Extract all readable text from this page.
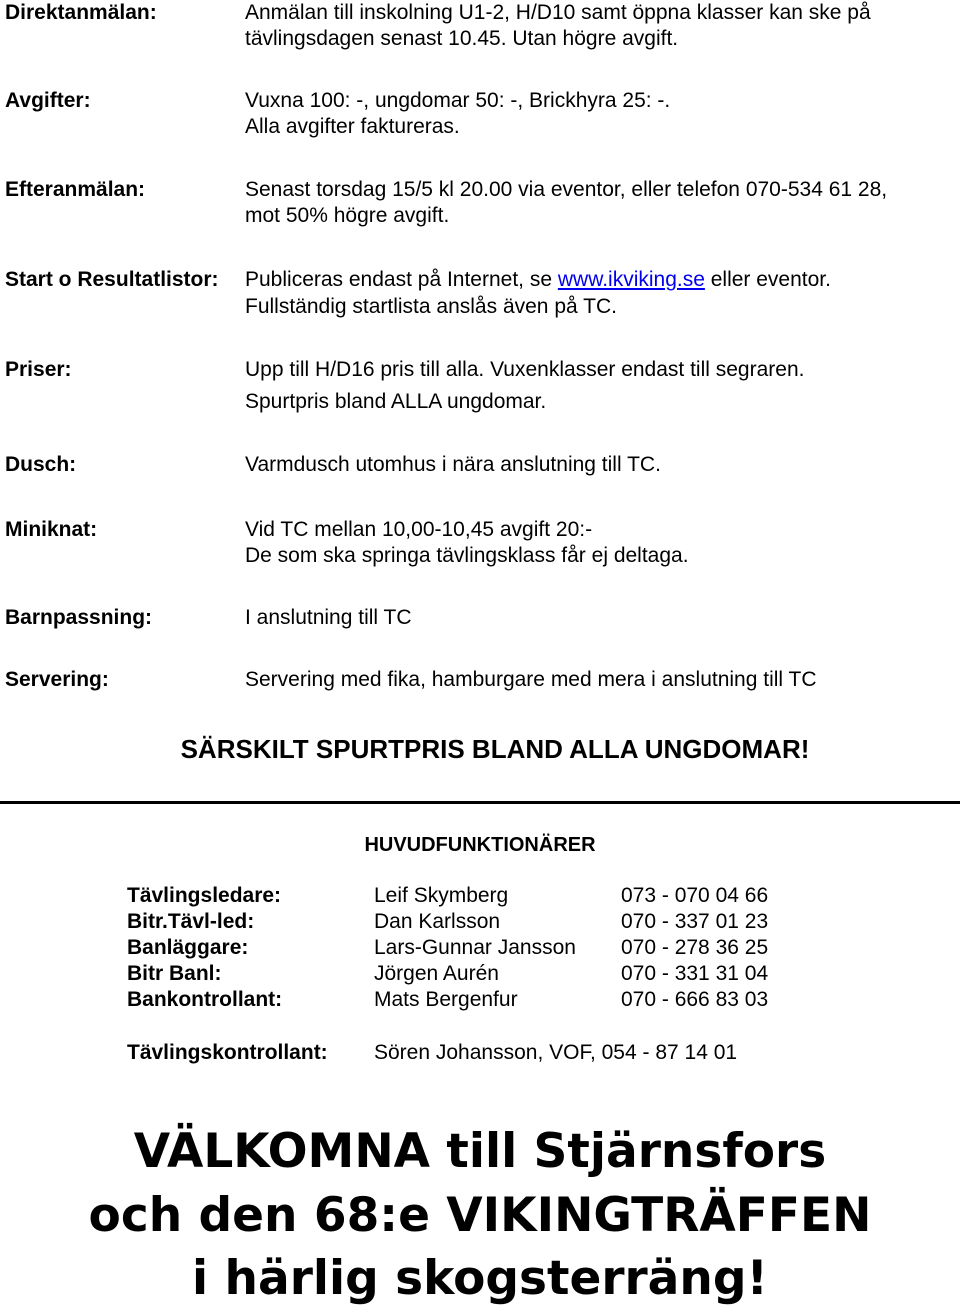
Direktanmälan:	Anmälan till inskolning U1-2, H/D10 samt öppna klasser kan ske på
tävlingsdagen senast 10.45. Utan högre avgift.
Avgifter:	Vuxna 100: -, ungdomar 50: -, Brickhyra 25: -.
Alla avgifter faktureras.
Efteranmälan:	Senast torsdag 15/5 kl 20.00 via eventor, eller telefon 070-534 61 28,
mot 50% högre avgift.
Start o Resultatlistor: Publiceras endast på Internet, se www.ikviking.se eller eventor.
Fullständig startlista anslås även på TC.
Priser:	Upp till H/D16 pris till alla. Vuxenklasser endast till segraren.
Spurtpris bland ALLA ungdomar.
Dusch:	Varmdusch utomhus i nära anslutning till TC.
Miniknat:	Vid TC mellan 10,00-10,45 avgift 20:-
De som ska springa tävlingsklass får ej deltaga.
Barnpassning:	I anslutning till TC
Servering:	Servering med fika, hamburgare med mera i anslutning till TC
SÄRSKILT SPURTPRIS BLAND ALLA UNGDOMAR!
HUVUDFUNKTIONÄRER
Tävlingsledare:	Leif Skymberg	073 - 070 04 66
Bitr.Tävl-led:	Dan Karlsson	070 - 337 01 23
Banläggare:	Lars-Gunnar Jansson 070 - 278 36 25
Bitr Banl:	Jörgen Aurén	070 - 331 31 04
Bankontrollant:	Mats Bergenfur	070 - 666 83 03
Tävlingskontrollant: Sören Johansson, VOF, 054 - 87 14 01
VÄLKOMNA till Stjärnsfors
och den 68:e VIKINGTRÄFFEN
i härlig skogsterräng!
